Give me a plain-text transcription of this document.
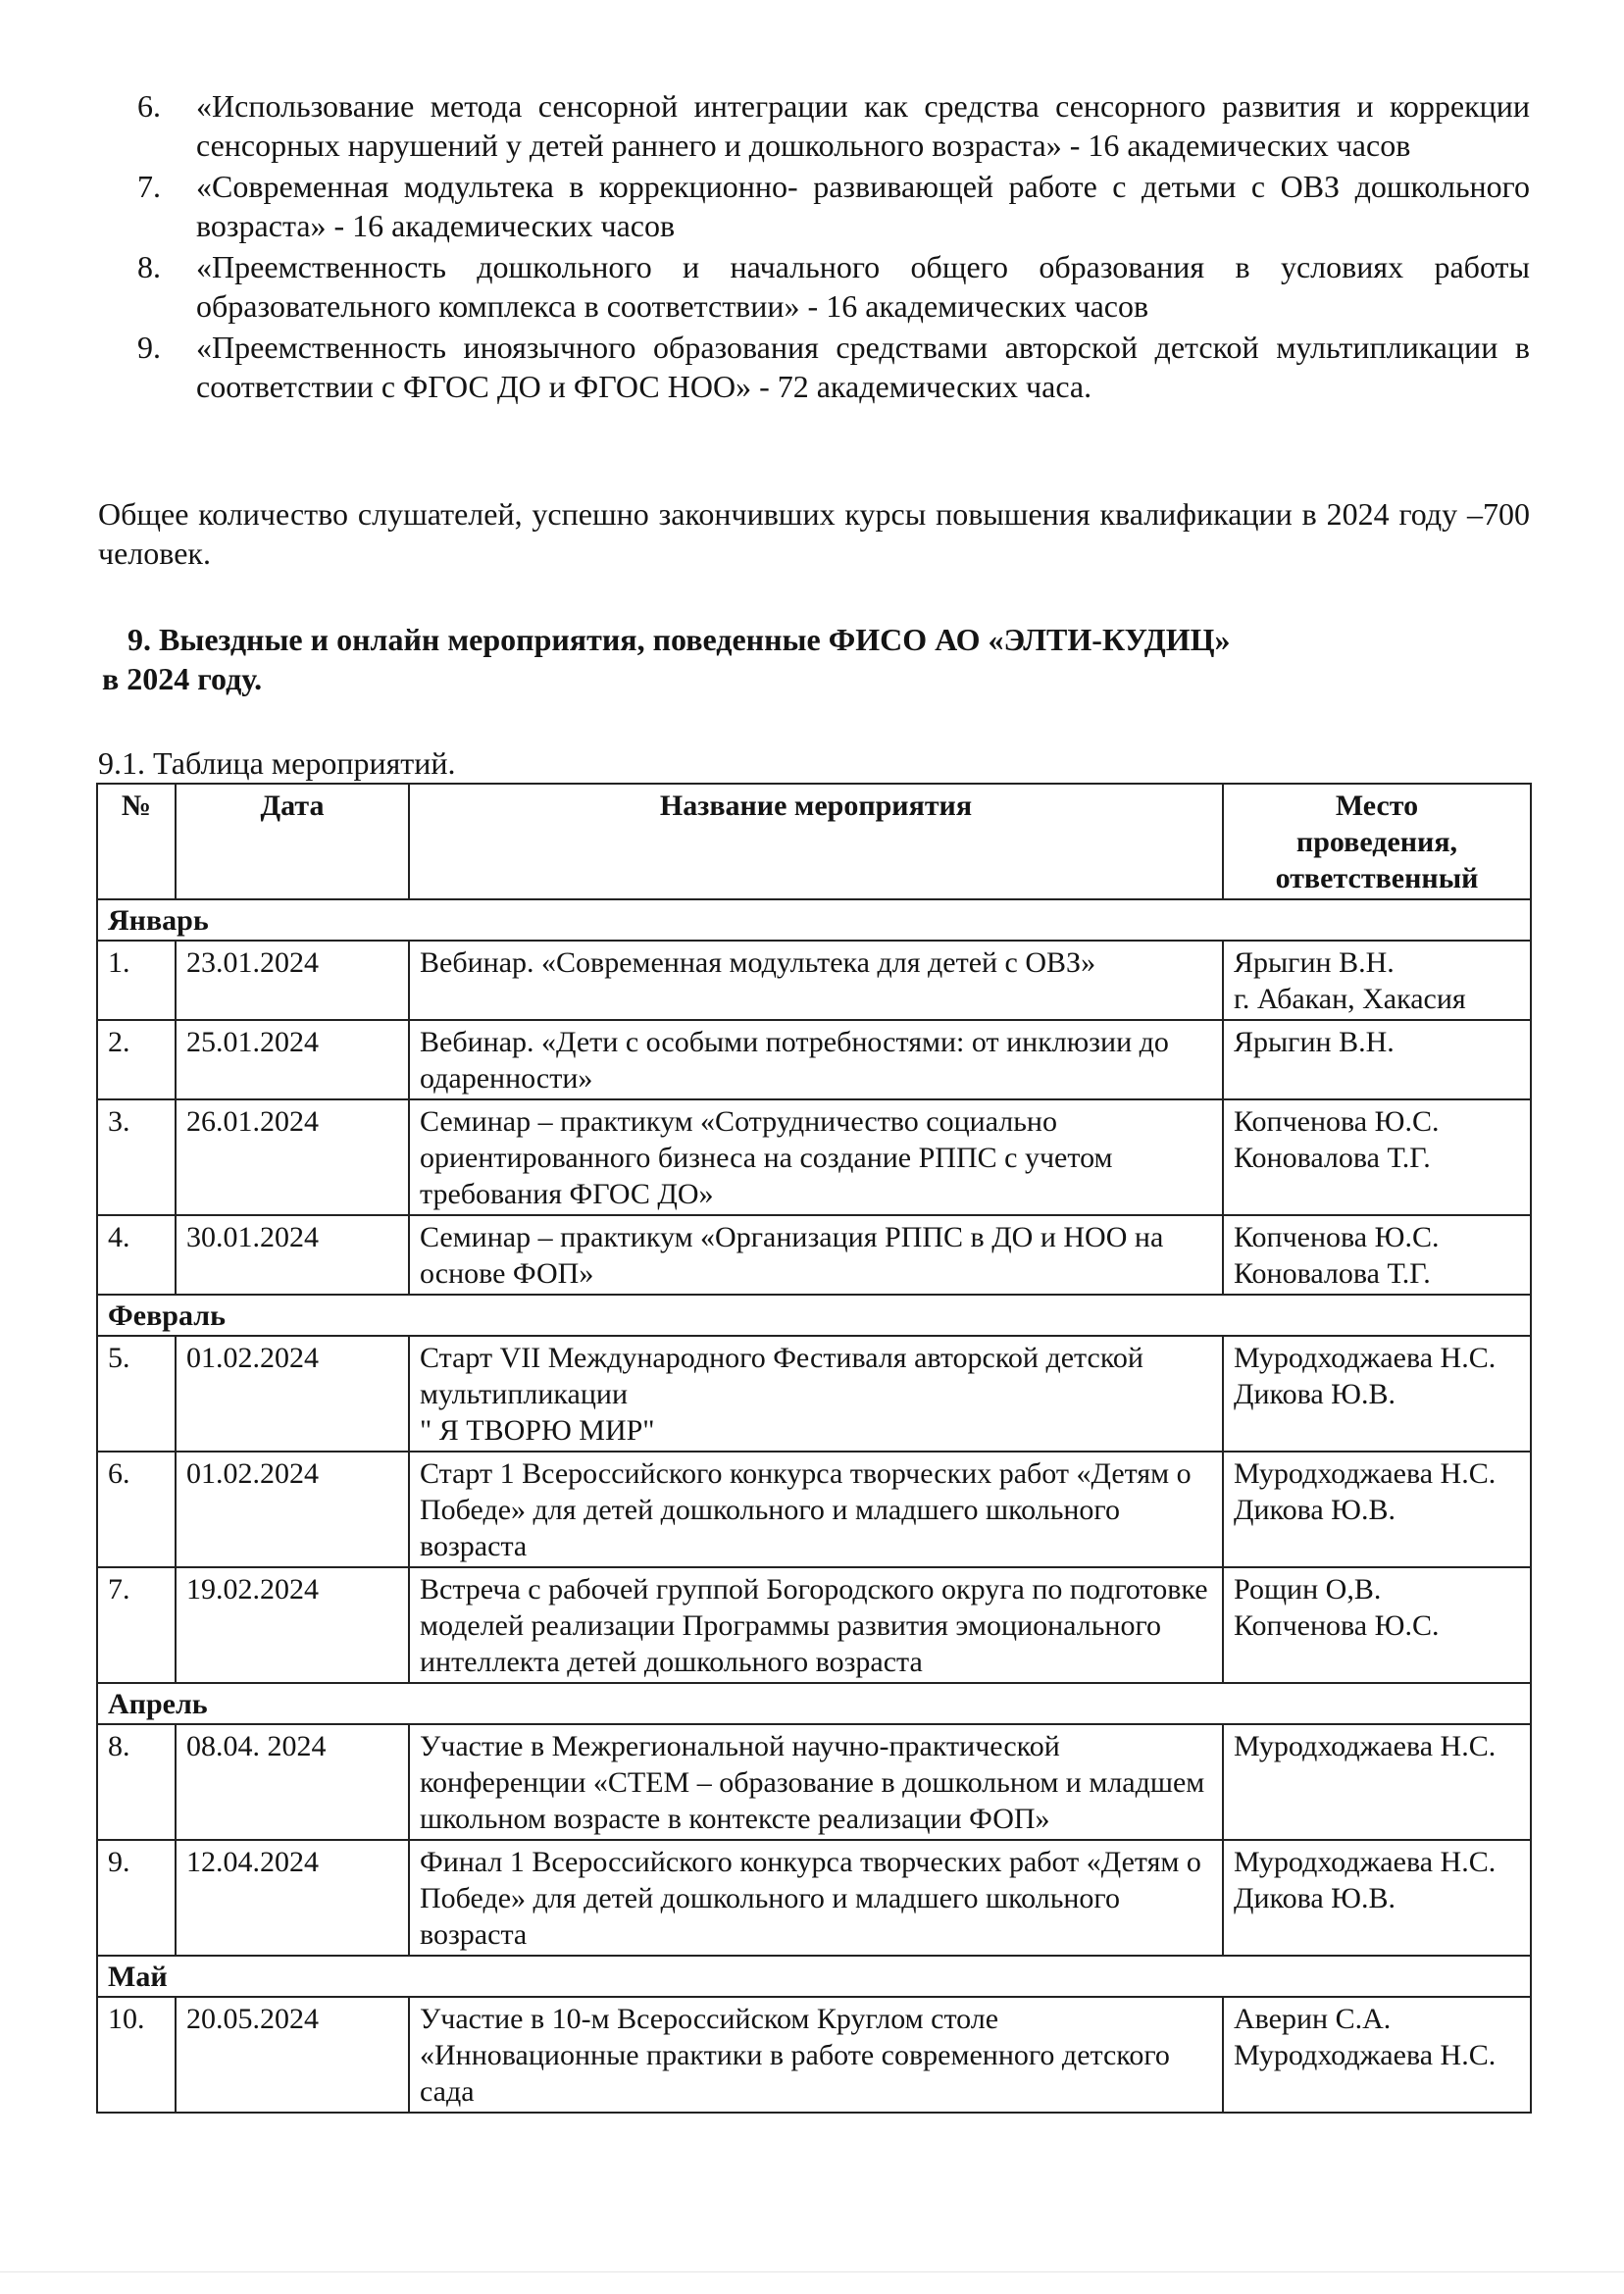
6.	«Использование метода сенсорной интеграции как средства сенсорного развития и коррекции сенсорных нарушений у детей раннего и дошкольного возраста» - 16 академических часов
7.	«Современная модультека в коррекционно- развивающей работе с детьми с ОВЗ дошкольного возраста» - 16 академических часов
8.	«Преемственность дошкольного и начального общего образования в условиях работы образовательного комплекса в соответствии» - 16 академических часов
9.	«Преемственность иноязычного образования средствами авторской детской мультипликации в соответствии с ФГОС ДО и ФГОС НОО» - 72 академических часа.

Общее количество слушателей, успешно закончивших курсы повышения квалификации в 2024 году –700 человек.

9. Выездные и онлайн мероприятия, поведенные ФИСО АО «ЭЛТИ-КУДИЦ»
в 2024 году.

9.1. Таблица мероприятий.

№	Дата	Название мероприятия	Место
проведения,
ответственный

Январь			
1.	23.01.2024	Вебинар. «Современная модультека для детей с ОВЗ»	Ярыгин В.Н.
г. Абакан, Хакасия

2.	25.01.2024	Вебинар. «Дети с особыми потребностями: от инклюзии до одаренности»	Ярыгин В.Н.

3.	26.01.2024	Семинар – практикум «Сотрудничество социально ориентированного бизнеса на создание РППС с учетом требования ФГОС ДО»	Копченова Ю.С.
Коновалова Т.Г.

4.	30.01.2024	Семинар – практикум «Организация РППС в ДО и НОО на основе ФОП»	Копченова Ю.С.
Коновалова Т.Г.

Февраль			
5.	01.02.2024	Старт VII Международного Фестиваля авторской детской мультипликации
" Я ТВОРЮ МИР"	Муродходжаева Н.С.
Дикова Ю.В.

6.	01.02.2024	Старт 1 Всероссийского конкурса творческих работ «Детям о Победе» для детей дошкольного и младшего школьного возраста	Муродходжаева Н.С.
Дикова Ю.В.

7.	19.02.2024	Встреча с рабочей группой Богородского округа по подготовке моделей реализации Программы развития эмоционального интеллекта детей дошкольного возраста	Рощин О,В.
Копченова Ю.С.

Апрель			
8.	08.04. 2024	Участие в Межрегиональной научно-практической конференции «СТЕМ – образование в дошкольном и младшем школьном возрасте в контексте реализации ФОП»	Муродходжаева Н.С.

9.	12.04.2024	Финал 1 Всероссийского конкурса творческих работ «Детям о Победе» для детей дошкольного и младшего школьного возраста	Муродходжаева Н.С.
Дикова Ю.В.

Май			
10.	20.05.2024	Участие в 10-м Всероссийском Круглом столе «Инновационные практики в работе современного детского сада	Аверин С.А.
Муродходжаева Н.С.
